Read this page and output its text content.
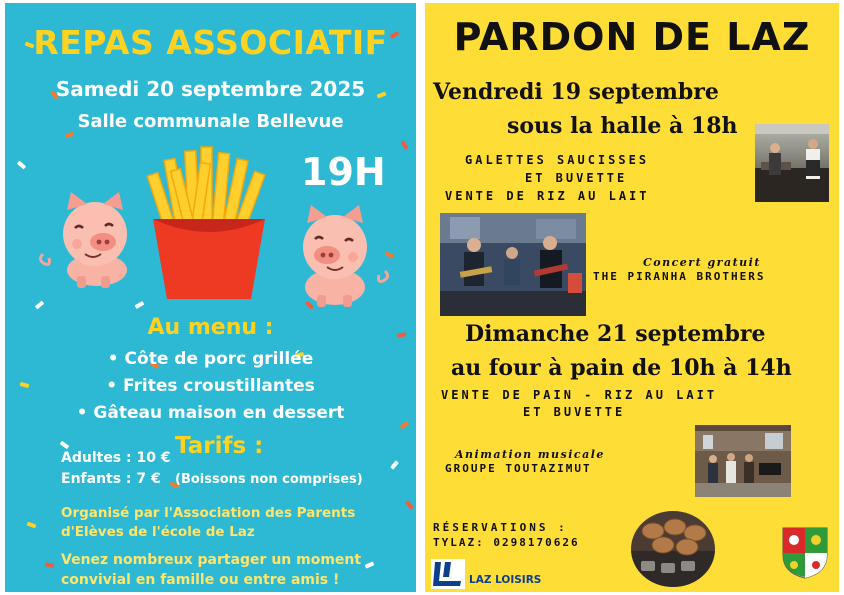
REPAS ASSOCIATIF
Samedi 20 septembre 2025
Salle communale Bellevue
19H
Au menu :
• Côte de porc grillée
• Frites croustillantes
• Gâteau maison en dessert
Adultes : 10 €
Enfants : 7 €
Tarifs :
(Boissons non comprises)
Organisé par l'Association des Parents
d'Elèves de l'école de Laz
Venez nombreux partager un moment
convivial en famille ou entre amis !
PARDON DE LAZ
Vendredi 19 septembre
sous la halle à 18h
GALETTES SAUCISSES
ET BUVETTE
VENTE DE RIZ AU LAIT
Concert gratuit
THE PIRANHA BROTHERS
Dimanche 21 septembre
au four à pain de 10h à 14h
VENTE DE PAIN - RIZ AU LAIT
ET BUVETTE
Animation musicale
GROUPE TOUTAZIMUT
RÉSERVATIONS :
TYLAZ: 0298170626
LAZ LOISIRS
